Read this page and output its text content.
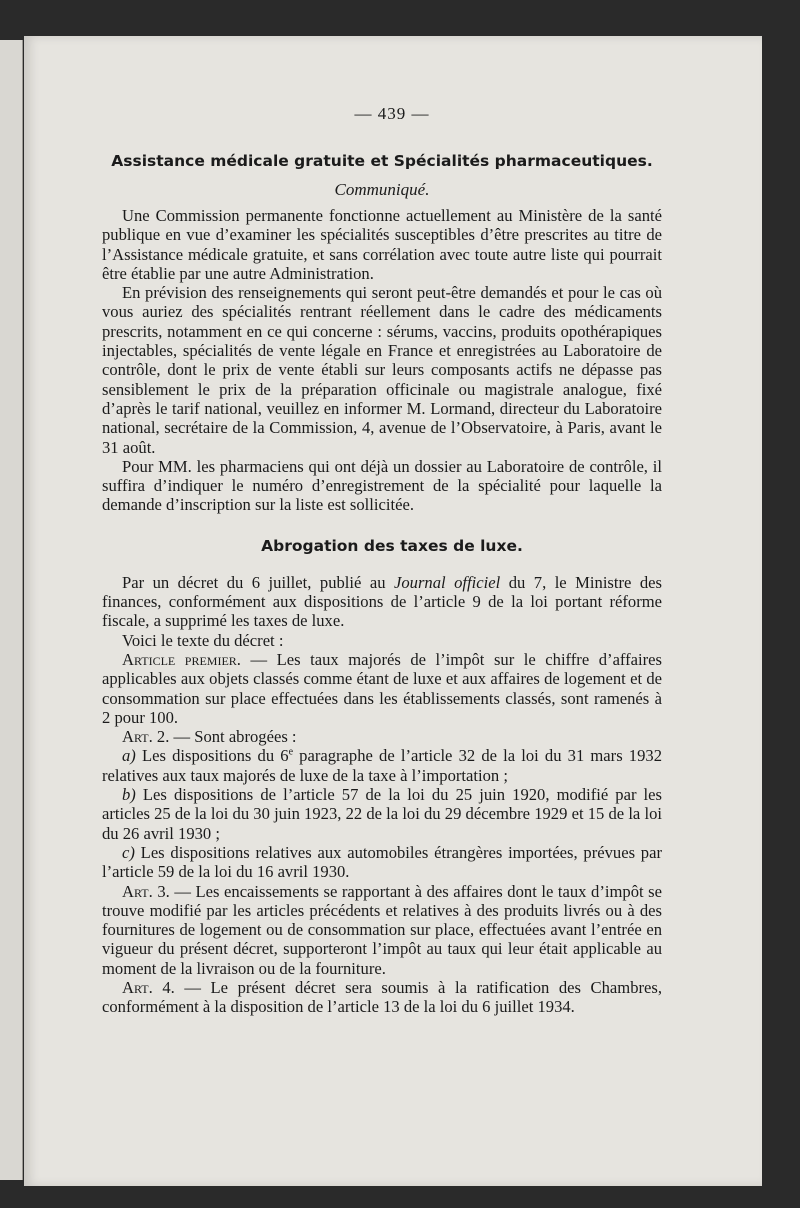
— 439 —
Assistance médicale gratuite et Spécialités pharmaceutiques.
Communiqué.

Une Commission permanente fonctionne actuellement au Ministère de la santé publique en vue d’examiner les spécialités susceptibles d’être prescrites au titre de l’Assistance médicale gratuite, et sans corrélation avec toute autre liste qui pourrait être établie par une autre Administration.

En prévision des renseignements qui seront peut-être demandés et pour le cas où vous auriez des spécialités rentrant réellement dans le cadre des médicaments prescrits, notamment en ce qui concerne : sérums, vaccins, produits opothérapiques injectables, spécialités de vente légale en France et enregistrées au Laboratoire de contrôle, dont le prix de vente établi sur leurs composants actifs ne dépasse pas sensiblement le prix de la préparation officinale ou magistrale analogue, fixé d’après le tarif national, veuillez en informer M. Lormand, directeur du Laboratoire national, secrétaire de la Commission, 4, avenue de l’Observatoire, à Paris, avant le 31 août.

Pour MM. les pharmaciens qui ont déjà un dossier au Laboratoire de contrôle, il suffira d’indiquer le numéro d’enregistrement de la spécialité pour laquelle la demande d’inscription sur la liste est sollicitée.

Abrogation des taxes de luxe.

Par un décret du 6 juillet, publié au Journal officiel du 7, le Ministre des finances, conformément aux dispositions de l’article 9 de la loi portant réforme fiscale, a supprimé les taxes de luxe.

Voici le texte du décret :

Article premier. — Les taux majorés de l’impôt sur le chiffre d’affaires applicables aux objets classés comme étant de luxe et aux affaires de logement et de consommation sur place effectuées dans les établissements classés, sont ramenés à 2 pour 100.

Art. 2. — Sont abrogées :

a) Les dispositions du 6e paragraphe de l’article 32 de la loi du 31 mars 1932 relatives aux taux majorés de luxe de la taxe à l’importation ;

b) Les dispositions de l’article 57 de la loi du 25 juin 1920, modifié par les articles 25 de la loi du 30 juin 1923, 22 de la loi du 29 décembre 1929 et 15 de la loi du 26 avril 1930 ;

c) Les dispositions relatives aux automobiles étrangères importées, prévues par l’article 59 de la loi du 16 avril 1930.

Art. 3. — Les encaissements se rapportant à des affaires dont le taux d’impôt se trouve modifié par les articles précédents et relatives à des produits livrés ou à des fournitures de logement ou de consommation sur place, effectuées avant l’entrée en vigueur du présent décret, supporteront l’impôt au taux qui leur était applicable au moment de la livraison ou de la fourniture.

Art. 4. — Le présent décret sera soumis à la ratification des Chambres, conformément à la disposition de l’article 13 de la loi du 6 juillet 1934.
